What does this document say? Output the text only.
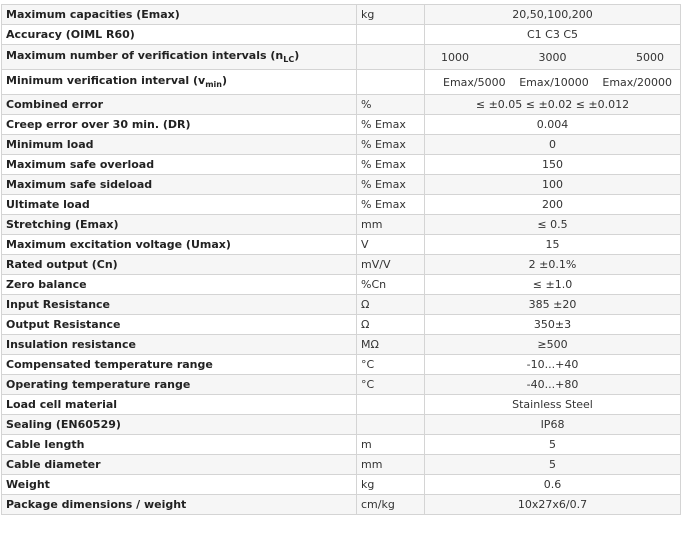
Maximum capacities (Emax)	kg	20,50,100,200
Accuracy (OIML R60)		C1 C3 C5
Maximum number of verification intervals $(n_{LC})$		1000 3000 5000

Minimum verification interval $(v_{min})$		Emax/5000 Emax/10000 Emax/20000

Combined error	%	≤ ±0.05 ≤ ±0.02 ≤ ±0.012
Creep error over 30 min. (DR)	% Emax	0.004
Minimum load	% Emax	0
Maximum safe overload	% Emax	150
Maximum safe sideload	% Emax	100
Ultimate load	% Emax	200
Stretching (Emax)	mm	≤ 0.5
Maximum excitation voltage (Umax)	V	15
Rated output (Cn)	mV/V	2 ±0.1%
Zero balance	%Cn	≤ ±1.0
Input Resistance	Ω	385 ±20
Output Resistance	Ω	350±3
Insulation resistance	MΩ	≥500
Compensated temperature range	°C	-10...+40
Operating temperature range	°C	-40...+80
Load cell material		Stainless Steel
Sealing (EN60529)		IP68
Cable length	m	5
Cable diameter	mm	5
Weight	kg	0.6
Package dimensions / weight	cm/kg	10x27x6/0.7
